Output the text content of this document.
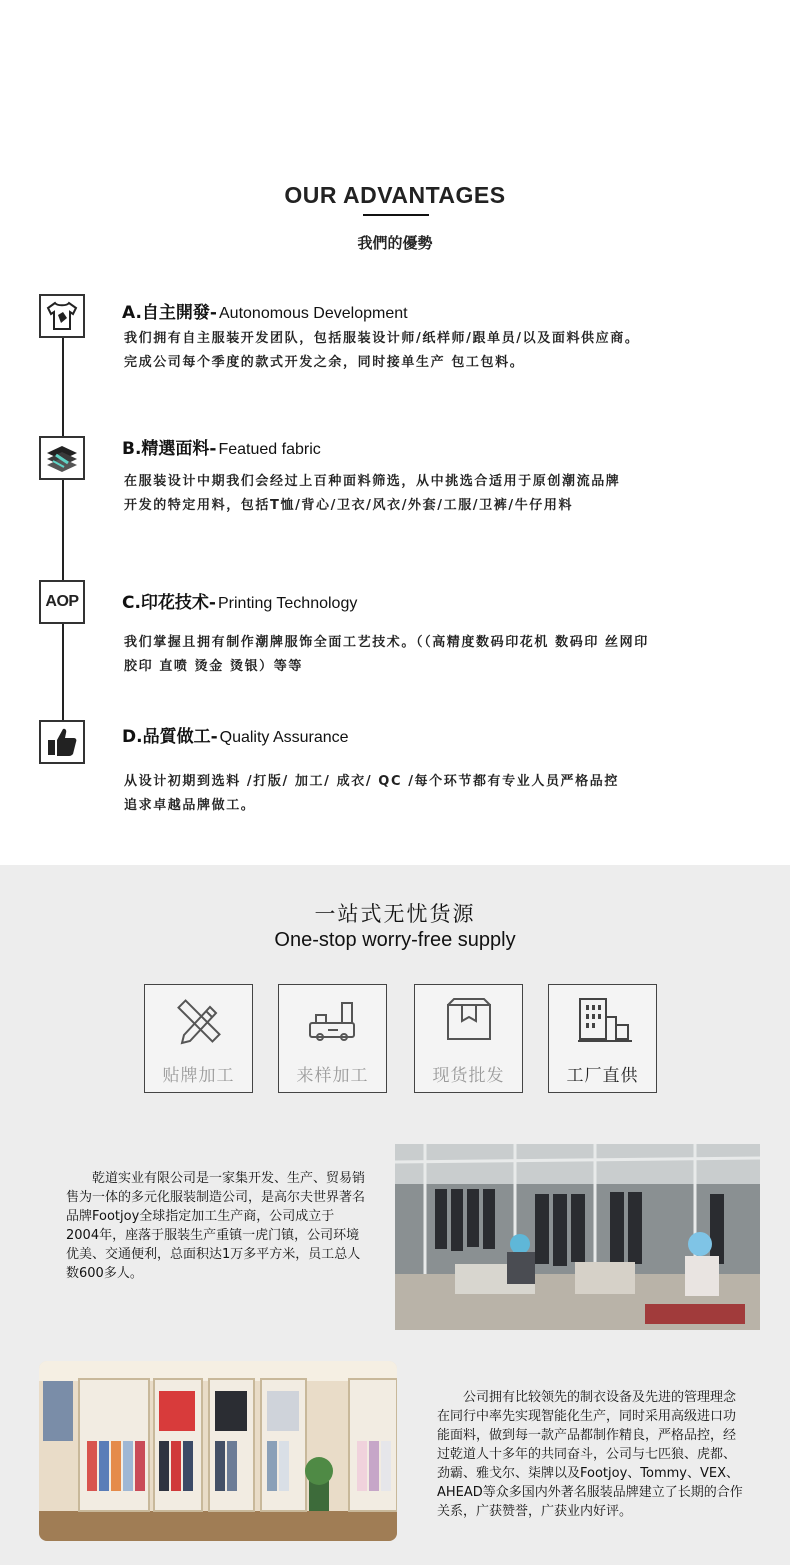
OUR ADVANTAGES
我們的優勢
A.自主開發- Autonomous Development
我们拥有自主服装开发团队，包括服装设计师/纸样师/跟单员/以及面料供应商。
完成公司每个季度的款式开发之余，同时接单生产 包工包料。
B.精選面料- Featued fabric
在服装设计中期我们会经过上百种面料筛选，从中挑选合适用于原创潮流品牌
开发的特定用料，包括T恤/背心/卫衣/风衣/外套/工服/卫裤/牛仔用料
AOP	C.印花技术- Printing Technology
我们掌握且拥有制作潮牌服饰全面工艺技术。（（高精度数码印花机 数码印 丝网印
胶印 直喷 烫金 烫银）等等
D.品質做工- Quality Assurance
从设计初期到选料 /打版/ 加工/ 成衣/ QC /每个环节都有专业人员严格品控
追求卓越品牌做工。
一站式无忧货源
One-stop worry-free supply
贴牌加工	来样加工	现货批发	工厂直供

乾道实业有限公司是一家集开发、生产、贸易销售为一体的多元化服装制造公司，是高尔夫世界著名品牌Footjoy全球指定加工生产商，公司成立于2004年，座落于服装生产重镇一虎门镇，公司环境优美、交通便利，总面积达1万多平方米，员工总人数600多人。

公司拥有比较领先的制衣设备及先进的管理理念在同行中率先实现智能化生产，同时采用高级进口功能面料，做到每一款产品都制作精良，严格品控，经过乾道人十多年的共同奋斗，公司与七匹狼、虎都、劲霸、雅戈尔、柒牌以及Footjoy、Tommy、VEX、AHEAD等众多国内外著名服装品牌建立了长期的合作关系，广获赞誉，广获业内好评。
